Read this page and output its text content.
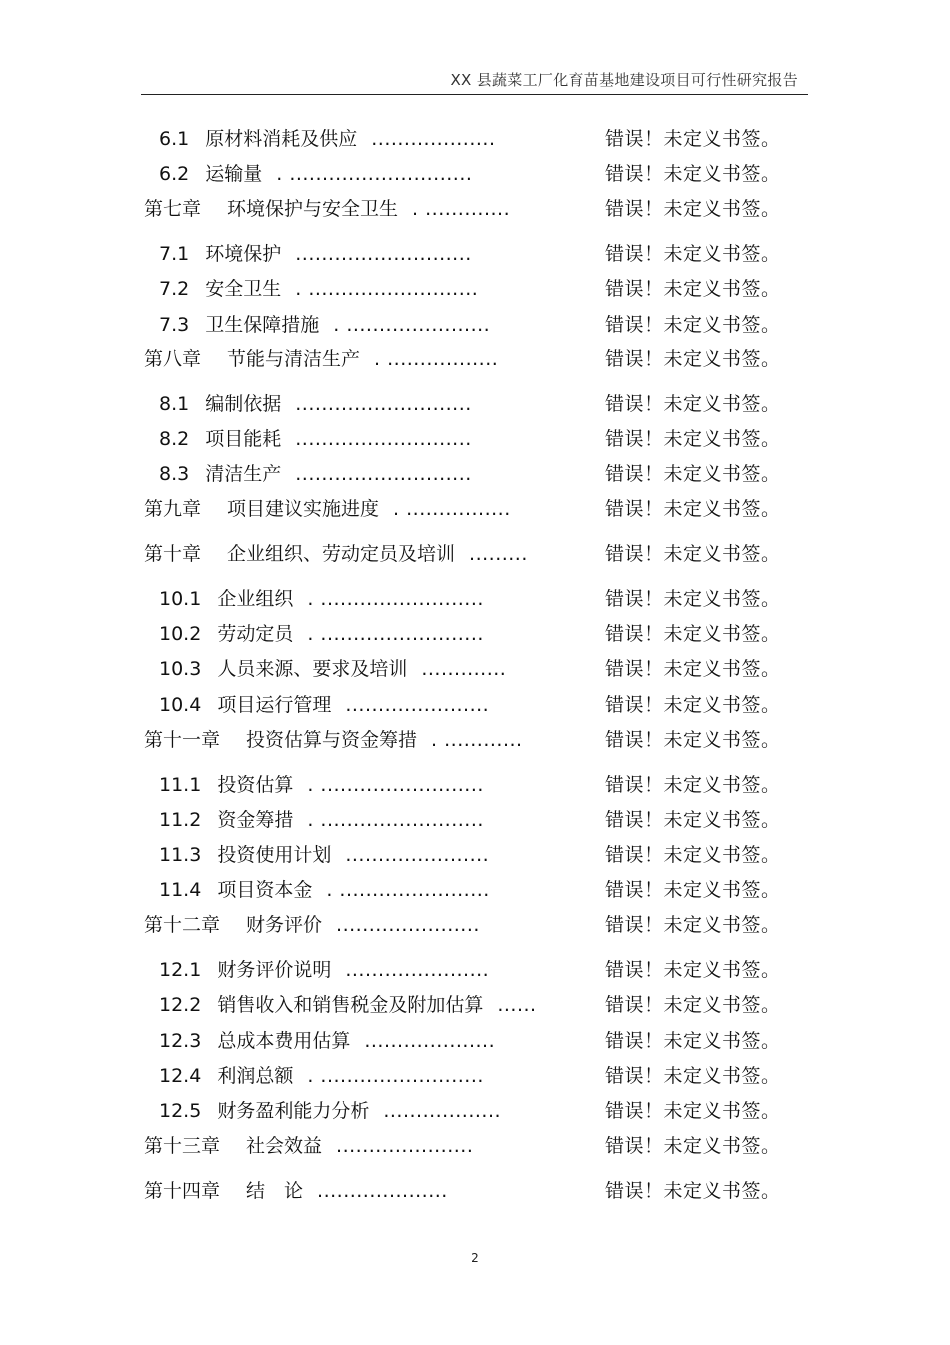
XX 县蔬菜工厂化育苗基地建设项目可行性研究报告
6.1 原材料消耗及供应 ...................	错误！未定义书签。
6.2 运输量 . ............................	错误！未定义书签。
第七章 环境保护与安全卫生 . .............	错误！未定义书签。
7.1 环境保护 ...........................	错误！未定义书签。
7.2 安全卫生 . ..........................	错误！未定义书签。
7.3 卫生保障措施 . ......................	错误！未定义书签。
第八章 节能与清洁生产 . .................	错误！未定义书签。
8.1 编制依据 ...........................	错误！未定义书签。
8.2 项目能耗 ...........................	错误！未定义书签。
8.3 清洁生产 ...........................	错误！未定义书签。
第九章 项目建议实施进度 . ................	错误！未定义书签。
第十章 企业组织、劳动定员及培训 .........	错误！未定义书签。
10.1 企业组织 . .........................	错误！未定义书签。
10.2 劳动定员 . .........................	错误！未定义书签。
10.3 人员来源、要求及培训 .............	错误！未定义书签。
10.4 项目运行管理 ......................	错误！未定义书签。
第十一章 投资估算与资金筹措 . ............	错误！未定义书签。
11.1 投资估算 . .........................	错误！未定义书签。
11.2 资金筹措 . .........................	错误！未定义书签。
11.3 投资使用计划 ......................	错误！未定义书签。
11.4 项目资本金 . .......................	错误！未定义书签。
第十二章 财务评价 ......................	错误！未定义书签。
12.1 财务评价说明 ......................	错误！未定义书签。
12.2 销售收入和销售税金及附加估算 ......	错误！未定义书签。
12.3 总成本费用估算 ....................	错误！未定义书签。
12.4 利润总额 . .........................	错误！未定义书签。
12.5 财务盈利能力分析 ..................	错误！未定义书签。
第十三章 社会效益 .....................	错误！未定义书签。
第十四章 结　论 ....................	错误！未定义书签。
2
